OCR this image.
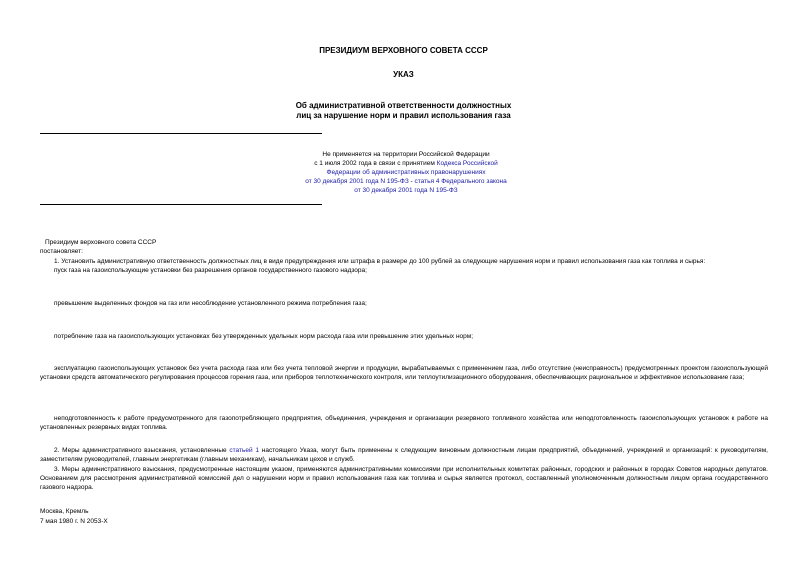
ПРЕЗИДИУМ ВЕРХОВНОГО СОВЕТА СССР
УКАЗ
Об административной ответственности должностных
лиц за нарушение норм и правил использования газа
Не применяется на территории Российской Федерации
с 1 июля 2002 года в связи с принятием Кодекса Российской
Федерации об административных правонарушениях
от 30 декабря 2001 года N 195-ФЗ - статья 4 Федерального закона
от 30 декабря 2001 года N 195-ФЗ

Президиум верховного совета СССР

постановляет:

1. Установить административную ответственность должностных лиц в виде предупреждения или штрафа в размере до 100 рублей за следующие нарушения норм и правил использования газа как топлива и сырья:

пуск газа на газоиспользующие установки без разрешения органов государственного газового надзора;

превышение выделенных фондов на газ или несоблюдение установленного режима потребления газа;

потребление газа на газоиспользующих установках без утвержденных удельных норм расхода газа или превышение этих удельных норм;

эксплуатацию газоиспользующих установок без учета расхода газа или без учета тепловой энергии и продукции, вырабатываемых с применением газа, либо отсутствие (неисправность) предусмотренных проектом газоиспользующей установки средств автоматического регулирования процессов горения газа, или приборов теплотехнического контроля, или теплоутилизационного оборудования, обеспечивающих рациональное и эффективное использование газа;

неподготовленность к работе предусмотренного для газопотребляющего предприятия, объединения, учреждения и организации резервного топливного хозяйства или неподготовленность газоиспользующих установок к работе на установленных резервных видах топлива.

2. Меры административного взыскания, установленные статьей 1 настоящего Указа, могут быть применены к следующим виновным должностным лицам предприятий, объединений, учреждений и организаций: к руководителям, заместителям руководителей, главным энергетикам (главным механикам), начальникам цехов и служб.

3. Меры административного взыскания, предусмотренные настоящим указом, применяются административными комиссиями при исполнительных комитетах районных, городских и районных в городах Советов народных депутатов. Основанием для рассмотрения административной комиссией дел о нарушении норм и правил использования газа как топлива и сырья является протокол, составленный уполномоченным должностным лицом органа государственного газового надзора.

Москва, Кремль

7 мая 1980 г. N 2053-Х
